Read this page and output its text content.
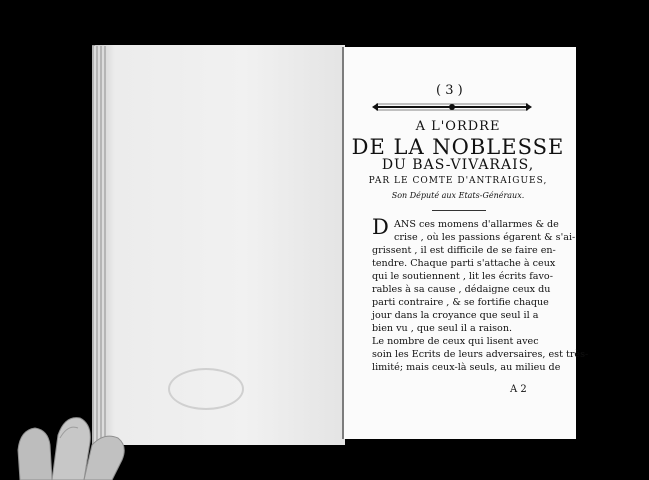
( 3 )
A L'ORDRE
DE LA NOBLESSE
DU BAS-VIVARAIS,
PAR LE COMTE D'ANTRAIGUES,
Son Député aux Etats-Généraux.
D ANS ces momens d'allarmes & de
crise , où les passions égarent & s'ai-
grissent , il est difficile de se faire en-
tendre. Chaque parti s'attache à ceux
qui le soutiennent , lit les écrits favo-
rables à sa cause , dédaigne ceux du
parti contraire , & se fortifie chaque
jour dans la croyance que seul il a
bien vu , que seul il a raison.
Le nombre de ceux qui lisent avec
soin les Ecrits de leurs adversaires, est très-
limité; mais ceux-là seuls, au milieu de
A 2
